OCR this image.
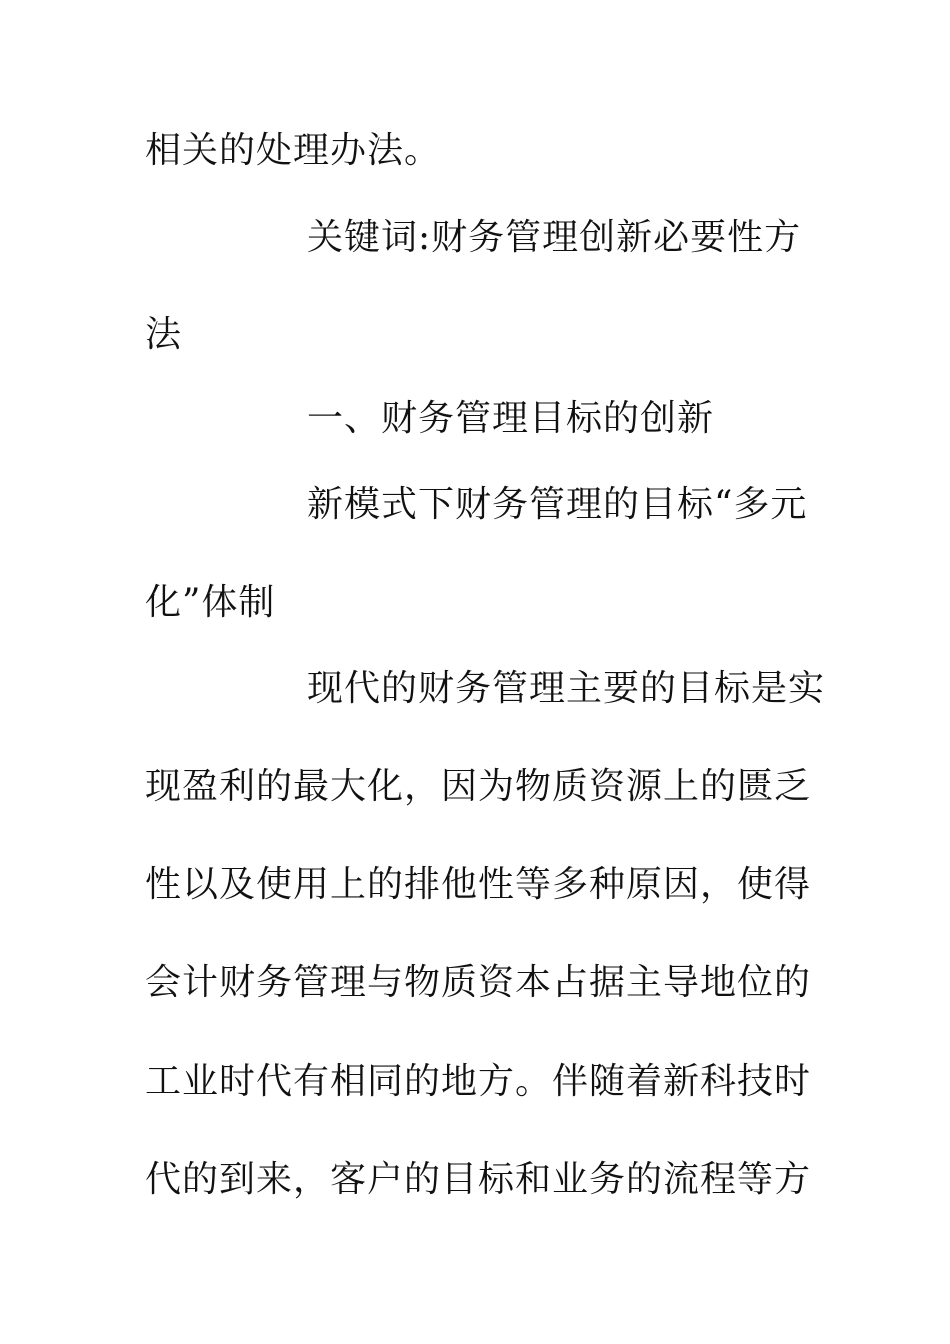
相关的处理办法。
关键词:财务管理创新必要性方
法
一、财务管理目标的创新
新模式下财务管理的目标“多元
化”体制
现代的财务管理主要的目标是实
现盈利的最大化，因为物质资源上的匮乏
性以及使用上的排他性等多种原因，使得
会计财务管理与物质资本占据主导地位的
工业时代有相同的地方。伴随着新科技时
代的到来，客户的目标和业务的流程等方
